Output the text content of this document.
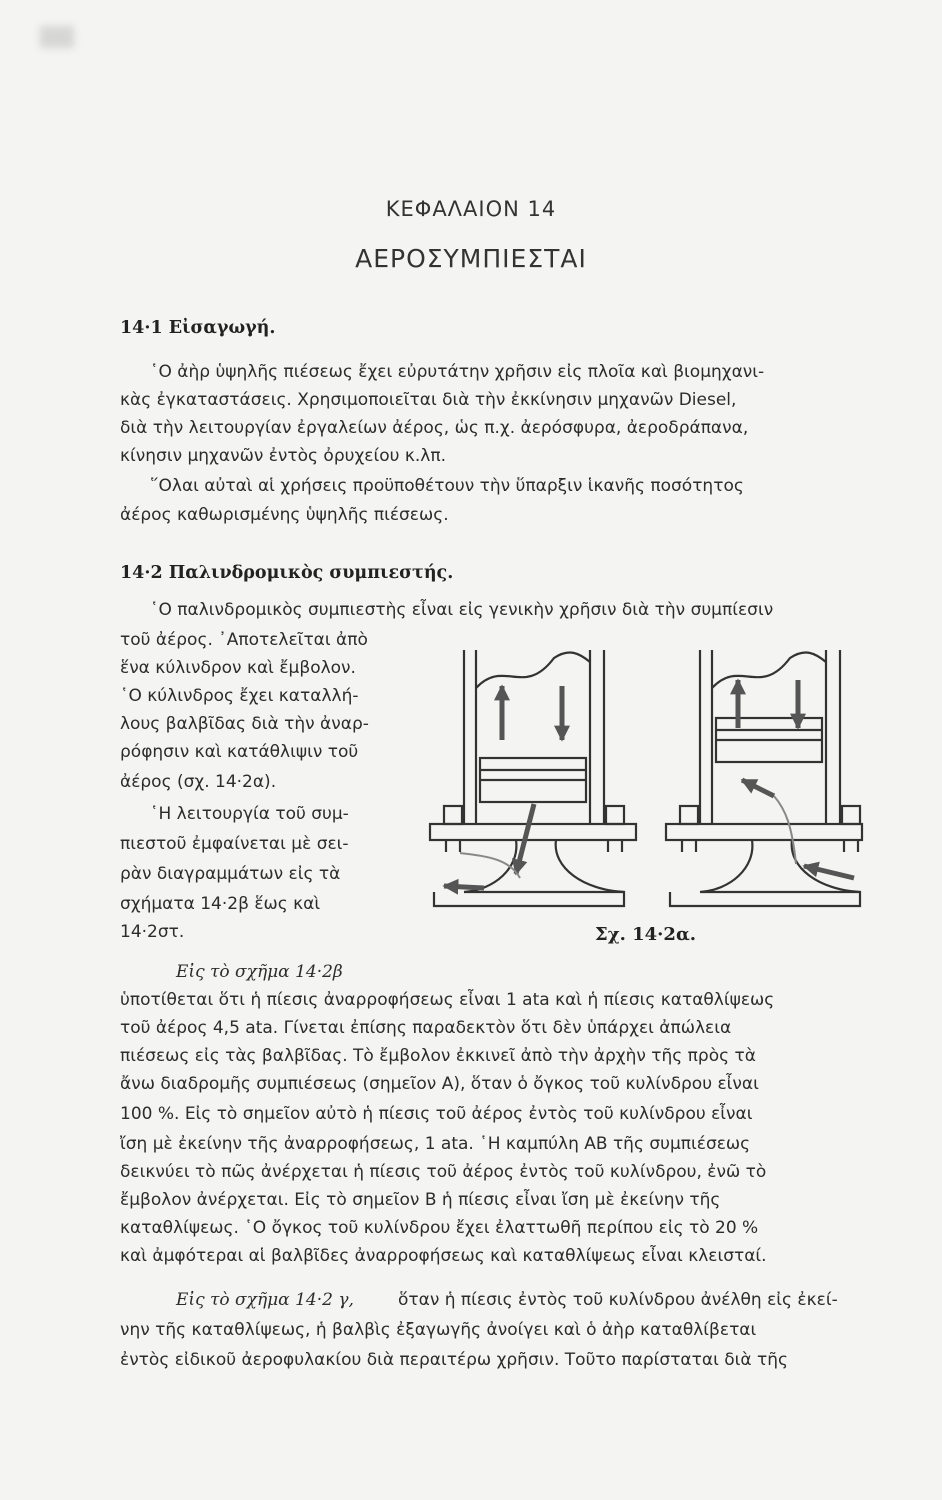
ΚΕΦΑΛΑΙΟΝ 14
ΑΕΡΟΣΥΜΠΙΕΣΤΑΙ
14·1 Εἰσαγωγή.
῾Ο ἀὴρ ὑψηλῆς πιέσεως ἔχει εὐρυτάτην χρῆσιν εἰς πλοῖα καὶ βιομηχανι-
κὰς ἐγκαταστάσεις. Χρησιμοποιεῖται διὰ τὴν ἐκκίνησιν μηχανῶν Diesel,
διὰ τὴν λειτουργίαν ἐργαλείων ἀέρος, ὡς π.χ. ἀερόσφυρα, ἀεροδράπανα,
κίνησιν μηχανῶν ἐντὸς ὀρυχείου κ.λπ.
῞Ολαι αὐταὶ αἱ χρήσεις προϋποθέτουν τὴν ὕπαρξιν ἱκανῆς ποσότητος
ἀέρος καθωρισμένης ὑψηλῆς πιέσεως.
14·2 Παλινδρομικὸς συμπιεστής.
῾Ο παλινδρομικὸς συμπιεστὴς εἶναι εἰς γενικὴν χρῆσιν διὰ τὴν συμπίεσιν
τοῦ ἀέρος. ᾿Αποτελεῖται ἀπὸ
ἕνα κύλινδρον καὶ ἔμβολον.
῾Ο κύλινδρος ἔχει καταλλή-
λους βαλβῖδας διὰ τὴν ἀναρ-
ρόφησιν καὶ κατάθλιψιν τοῦ
ἀέρος (σχ. 14·2α).
῾Η λειτουργία τοῦ συμ-
πιεστοῦ ἐμφαίνεται μὲ σει-
ρὰν διαγραμμάτων εἰς τὰ
σχήματα 14·2β ἕως καὶ
14·2στ.	Σχ. 14·2α.
Εἰς τὸ σχῆμα 14·2β
ὑποτίθεται ὅτι ἡ πίεσις ἀναρροφήσεως εἶναι 1 ata καὶ ἡ πίεσις καταθλίψεως
τοῦ ἀέρος 4,5 ata. Γίνεται ἐπίσης παραδεκτὸν ὅτι δὲν ὑπάρχει ἀπώλεια
πιέσεως εἰς τὰς βαλβῖδας. Τὸ ἔμβολον ἐκκινεῖ ἀπὸ τὴν ἀρχὴν τῆς πρὸς τὰ
ἄνω διαδρομῆς συμπιέσεως (σημεῖον Α), ὅταν ὁ ὄγκος τοῦ κυλίνδρου εἶναι
100 %. Εἰς τὸ σημεῖον αὐτὸ ἡ πίεσις τοῦ ἀέρος ἐντὸς τοῦ κυλίνδρου εἶναι
ἴση μὲ ἐκείνην τῆς ἀναρροφήσεως, 1 ata. ῾Η καμπύλη ΑΒ τῆς συμπιέσεως
δεικνύει τὸ πῶς ἀνέρχεται ἡ πίεσις τοῦ ἀέρος ἐντὸς τοῦ κυλίνδρου, ἐνῶ τὸ
ἔμβολον ἀνέρχεται. Εἰς τὸ σημεῖον Β ἡ πίεσις εἶναι ἴση μὲ ἐκείνην τῆς
καταθλίψεως. ῾Ο ὄγκος τοῦ κυλίνδρου ἔχει ἐλαττωθῆ περίπου εἰς τὸ 20 %
καὶ ἀμφότεραι αἱ βαλβῖδες ἀναρροφήσεως καὶ καταθλίψεως εἶναι κλεισταί.
Εἰς τὸ σχῆμα 14·2 γ,	ὅταν ἡ πίεσις ἐντὸς τοῦ κυλίνδρου ἀνέλθη εἰς ἐκεί-
νην τῆς καταθλίψεως, ἡ βαλβὶς ἐξαγωγῆς ἀνοίγει καὶ ὁ ἀὴρ καταθλίβεται
ἐντὸς εἰδικοῦ ἀεροφυλακίου διὰ περαιτέρω χρῆσιν. Τοῦτο παρίσταται διὰ τῆς
